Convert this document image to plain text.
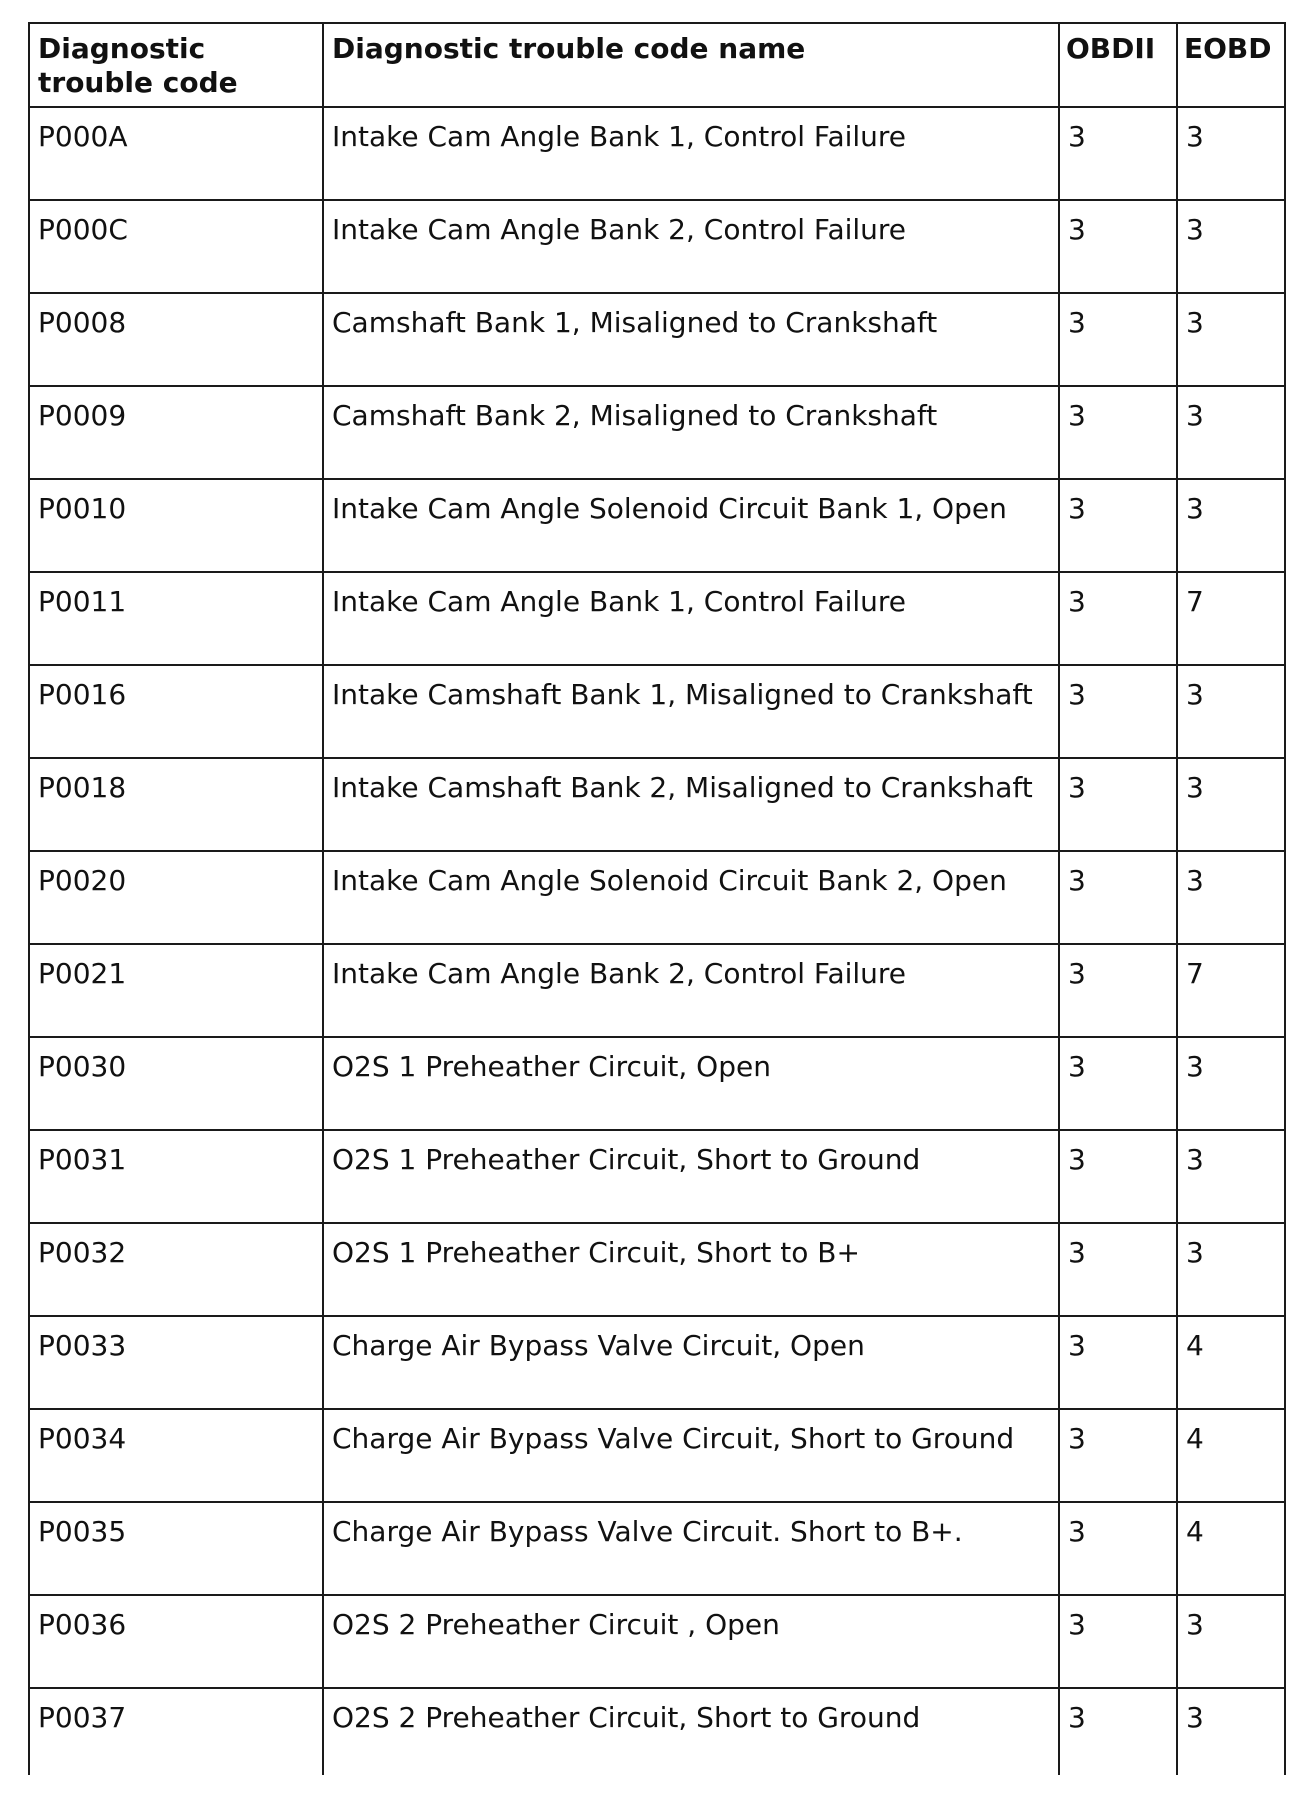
Diagnostic trouble code	Diagnostic trouble code name	OBDII	EOBD
P000A	Intake Cam Angle Bank 1, Control Failure	3	3
P000C	Intake Cam Angle Bank 2, Control Failure	3	3
P0008	Camshaft Bank 1, Misaligned to Crankshaft	3	3
P0009	Camshaft Bank 2, Misaligned to Crankshaft	3	3
P0010	Intake Cam Angle Solenoid Circuit Bank 1, Open	3	3
P0011	Intake Cam Angle Bank 1, Control Failure	3	7
P0016	Intake Camshaft Bank 1, Misaligned to Crankshaft	3	3
P0018	Intake Camshaft Bank 2, Misaligned to Crankshaft	3	3
P0020	Intake Cam Angle Solenoid Circuit Bank 2, Open	3	3
P0021	Intake Cam Angle Bank 2, Control Failure	3	7
P0030	O2S 1 Preheather Circuit, Open	3	3
P0031	O2S 1 Preheather Circuit, Short to Ground	3	3
P0032	O2S 1 Preheather Circuit, Short to B+	3	3
P0033	Charge Air Bypass Valve Circuit, Open	3	4
P0034	Charge Air Bypass Valve Circuit, Short to Ground	3	4
P0035	Charge Air Bypass Valve Circuit. Short to B+.	3	4
P0036	O2S 2 Preheather Circuit , Open	3	3
P0037	O2S 2 Preheather Circuit, Short to Ground	3	3
